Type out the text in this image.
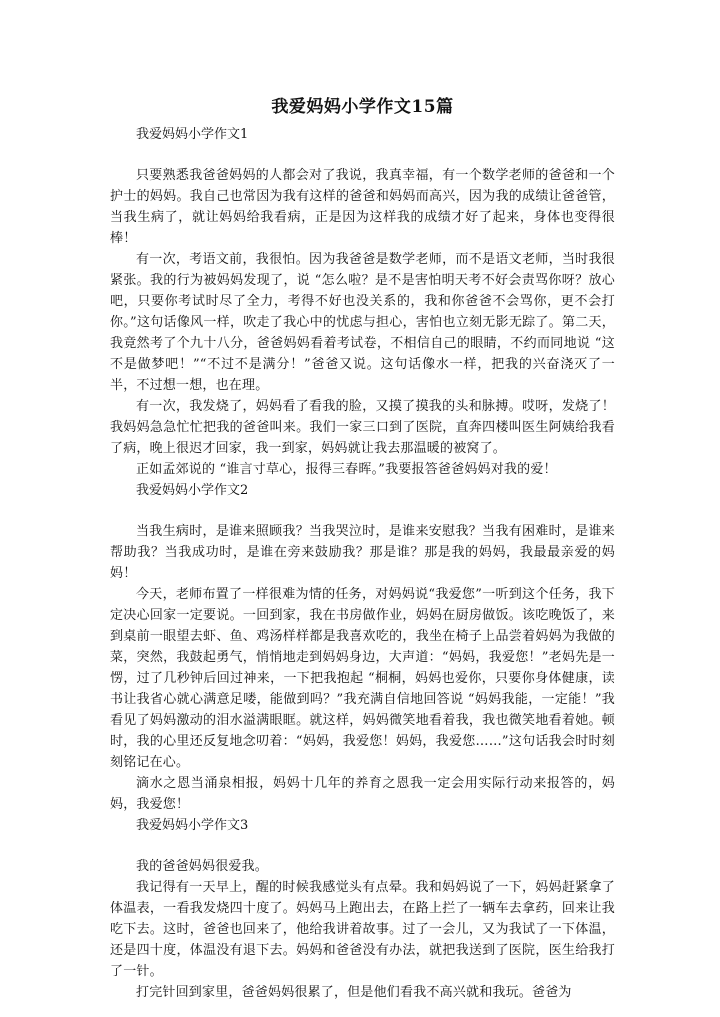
我爱妈妈小学作文15篇

我爱妈妈小学作文1

只要熟悉我爸爸妈妈的人都会对了我说，我真幸福，有一个数学老师的爸爸和一个护士的妈妈。我自己也常因为我有这样的爸爸和妈妈而高兴，因为我的成绩让爸爸管，当我生病了，就让妈妈给我看病，正是因为这样我的成绩才好了起来，身体也变得很棒！

有一次，考语文前，我很怕。因为我爸爸是数学老师，而不是语文老师，当时我很紧张。我的行为被妈妈发现了，说 “怎么啦？是不是害怕明天考不好会责骂你呀？放心吧，只要你考试时尽了全力，考得不好也没关系的，我和你爸爸不会骂你，更不会打你。”这句话像风一样，吹走了我心中的忧虑与担心，害怕也立刻无影无踪了。第二天，我竟然考了个九十八分，爸爸妈妈看着考试卷，不相信自己的眼睛，不约而同地说 “这不是做梦吧！”“不过不是满分！”爸爸又说。这句话像水一样，把我的兴奋浇灭了一半，不过想一想，也在理。

有一次，我发烧了，妈妈看了看我的脸，又摸了摸我的头和脉搏。哎呀，发烧了！我妈妈急急忙忙把我的爸爸叫来。我们一家三口到了医院，直奔四楼叫医生阿姨给我看了病，晚上很迟才回家，我一到家，妈妈就让我去那温暖的被窝了。

正如孟郊说的 “谁言寸草心，报得三春晖。”我要报答爸爸妈妈对我的爱！

我爱妈妈小学作文2

当我生病时，是谁来照顾我？当我哭泣时，是谁来安慰我？当我有困难时，是谁来帮助我？当我成功时，是谁在旁来鼓励我？那是谁？那是我的妈妈，我最最亲爱的妈妈！

今天，老师布置了一样很难为情的任务，对妈妈说“我爱您”一听到这个任务，我下定决心回家一定要说。一回到家，我在书房做作业，妈妈在厨房做饭。该吃晚饭了，来到桌前一眼望去虾、鱼、鸡汤样样都是我喜欢吃的，我坐在椅子上品尝着妈妈为我做的菜，突然，我鼓起勇气，悄悄地走到妈妈身边，大声道：“妈妈，我爱您！”老妈先是一愣，过了几秒钟后回过神来，一下把我抱起 “桐桐，妈妈也爱你，只要你身体健康，读书让我省心就心满意足喽，能做到吗？”我充满自信地回答说 “妈妈我能，一定能！”我看见了妈妈激动的泪水溢满眼眶。就这样，妈妈微笑地看着我，我也微笑地看着她。顿时，我的心里还反复地念叨着：“妈妈，我爱您！妈妈，我爱您……”这句话我会时时刻刻铭记在心。

滴水之恩当涌泉相报，妈妈十几年的养育之恩我一定会用实际行动来报答的，妈妈，我爱您！

我爱妈妈小学作文3

我的爸爸妈妈很爱我。

我记得有一天早上，醒的时候我感觉头有点晕。我和妈妈说了一下，妈妈赶紧拿了体温表，一看我发烧四十度了。妈妈马上跑出去，在路上拦了一辆车去拿药，回来让我吃下去。这时，爸爸也回来了，他给我讲着故事。过了一会儿，又为我试了一下体温，还是四十度，体温没有退下去。妈妈和爸爸没有办法，就把我送到了医院，医生给我打了一针。

打完针回到家里，爸爸妈妈很累了，但是他们看我不高兴就和我玩。爸爸为
